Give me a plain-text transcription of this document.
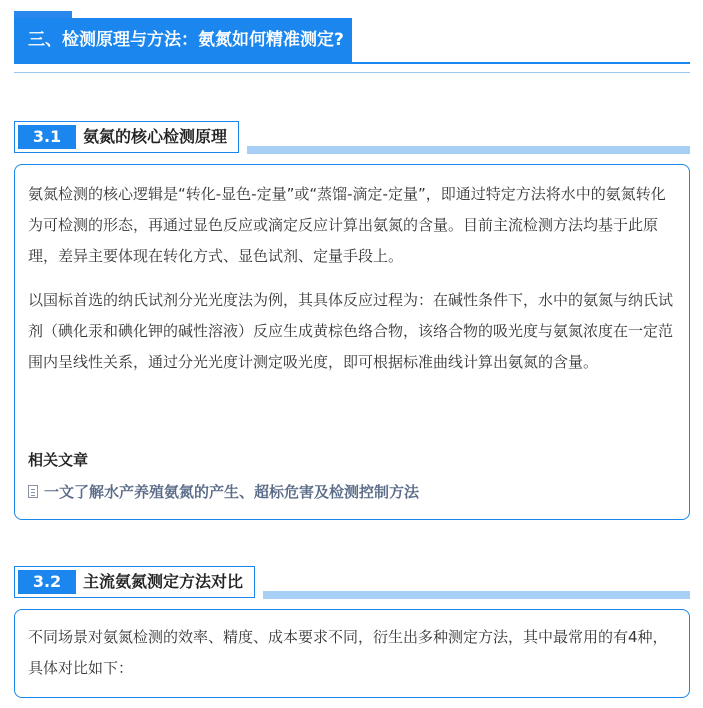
三、检测原理与方法：氨氮如何精准测定?
3.1	氨氮的核心检测原理

氨氮检测的核心逻辑是“转化-显色-定量”或“蒸馏-滴定-定量”，即通过特定方法将水中的氨氮转化为可检测的形态，再通过显色反应或滴定反应计算出氨氮的含量。目前主流检测方法均基于此原理，差异主要体现在转化方式、显色试剂、定量手段上。

以国标首选的纳氏试剂分光光度法为例，其具体反应过程为：在碱性条件下，水中的氨氮与纳氏试剂（碘化汞和碘化钾的碱性溶液）反应生成黄棕色络合物，该络合物的吸光度与氨氮浓度在一定范围内呈线性关系，通过分光光度计测定吸光度，即可根据标准曲线计算出氨氮的含量。

相关文章
一文了解水产养殖氨氮的产生、超标危害及检测控制方法
3.2	主流氨氮测定方法对比

不同场景对氨氮检测的效率、精度、成本要求不同，衍生出多种测定方法，其中最常用的有4种，具体对比如下：
